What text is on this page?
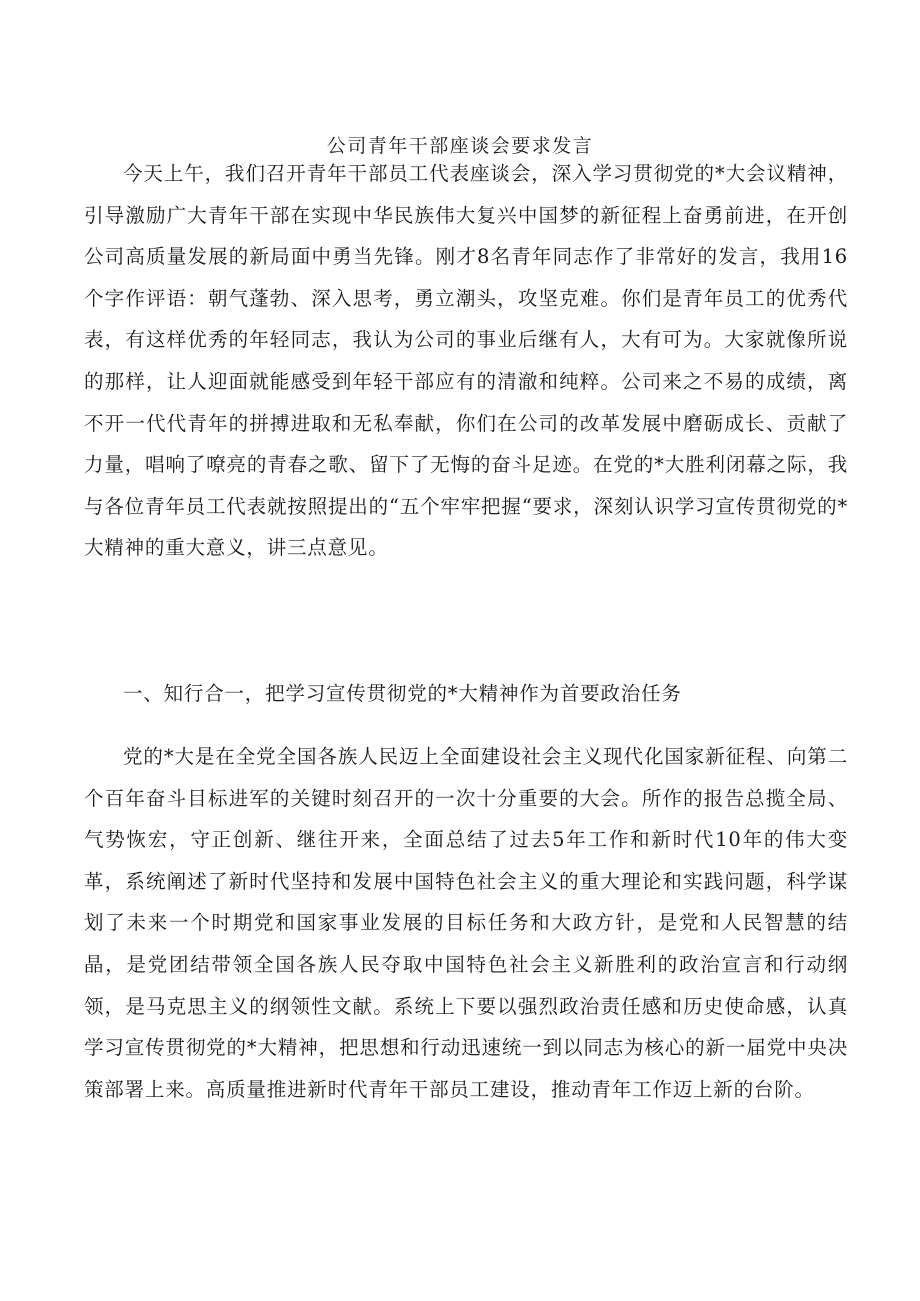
公司青年干部座谈会要求发言

今天上午，我们召开青年干部员工代表座谈会，深入学习贯彻党的*大会议精神，引导激励广大青年干部在实现中华民族伟大复兴中国梦的新征程上奋勇前进，在开创公司高质量发展的新局面中勇当先锋。刚才8名青年同志作了非常好的发言，我用16个字作评语：朝气蓬勃、深入思考，勇立潮头，攻坚克难。你们是青年员工的优秀代表，有这样优秀的年轻同志，我认为公司的事业后继有人，大有可为。大家就像所说的那样，让人迎面就能感受到年轻干部应有的清澈和纯粹。公司来之不易的成绩，离不开一代代青年的拼搏进取和无私奉献，你们在公司的改革发展中磨砺成长、贡献了力量，唱响了嘹亮的青春之歌、留下了无悔的奋斗足迹。在党的*大胜利闭幕之际，我与各位青年员工代表就按照提出的“五个牢牢把握“要求，深刻认识学习宣传贯彻党的*大精神的重大意义，讲三点意见。

一、知行合一，把学习宣传贯彻党的*大精神作为首要政治任务

党的*大是在全党全国各族人民迈上全面建设社会主义现代化国家新征程、向第二个百年奋斗目标进军的关键时刻召开的一次十分重要的大会。所作的报告总揽全局、气势恢宏，守正创新、继往开来，全面总结了过去5年工作和新时代10年的伟大变革，系统阐述了新时代坚持和发展中国特色社会主义的重大理论和实践问题，科学谋划了未来一个时期党和国家事业发展的目标任务和大政方针，是党和人民智慧的结晶，是党团结带领全国各族人民夺取中国特色社会主义新胜利的政治宣言和行动纲领，是马克思主义的纲领性文献。系统上下要以强烈政治责任感和历史使命感，认真学习宣传贯彻党的*大精神，把思想和行动迅速统一到以同志为核心的新一届党中央决策部署上来。高质量推进新时代青年干部员工建设，推动青年工作迈上新的台阶。
